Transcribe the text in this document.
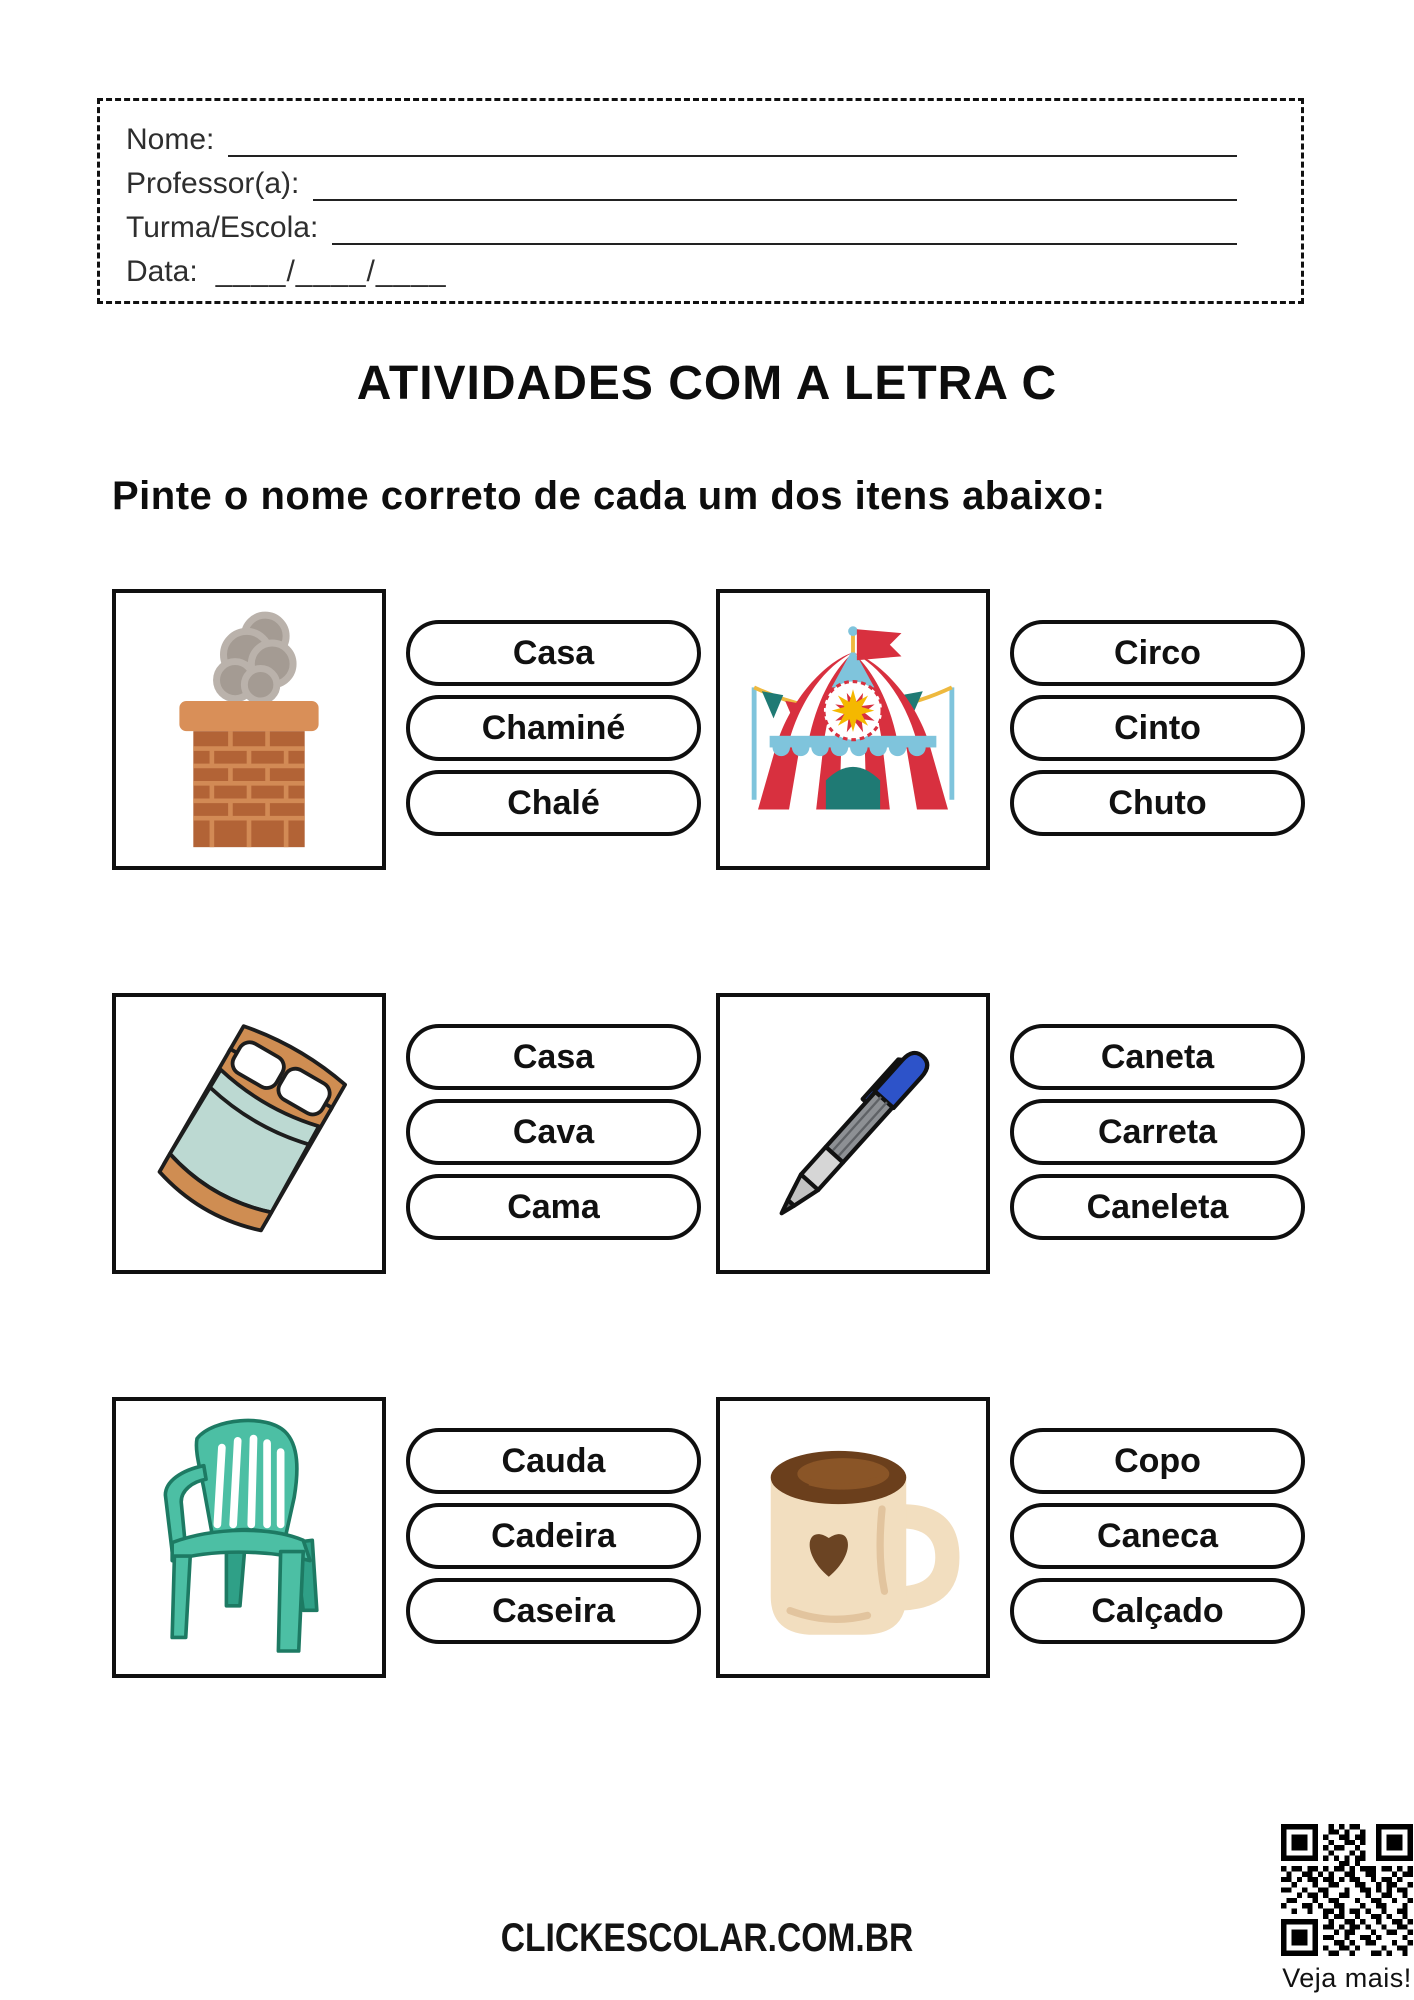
Nome:
Professor(a):
Turma/Escola:
Data: ____/____/____
ATIVIDADES COM A LETRA C
Pinte o nome correto de cada um dos itens abaixo:
Casa
Chaminé
Chalé
Circo
Cinto
Chuto
Casa
Cava
Cama
Caneta
Carreta
Caneleta
Cauda
Cadeira
Caseira
Copo
Caneca
Calçado
CLICKESCOLAR.COM.BR
Veja mais!
